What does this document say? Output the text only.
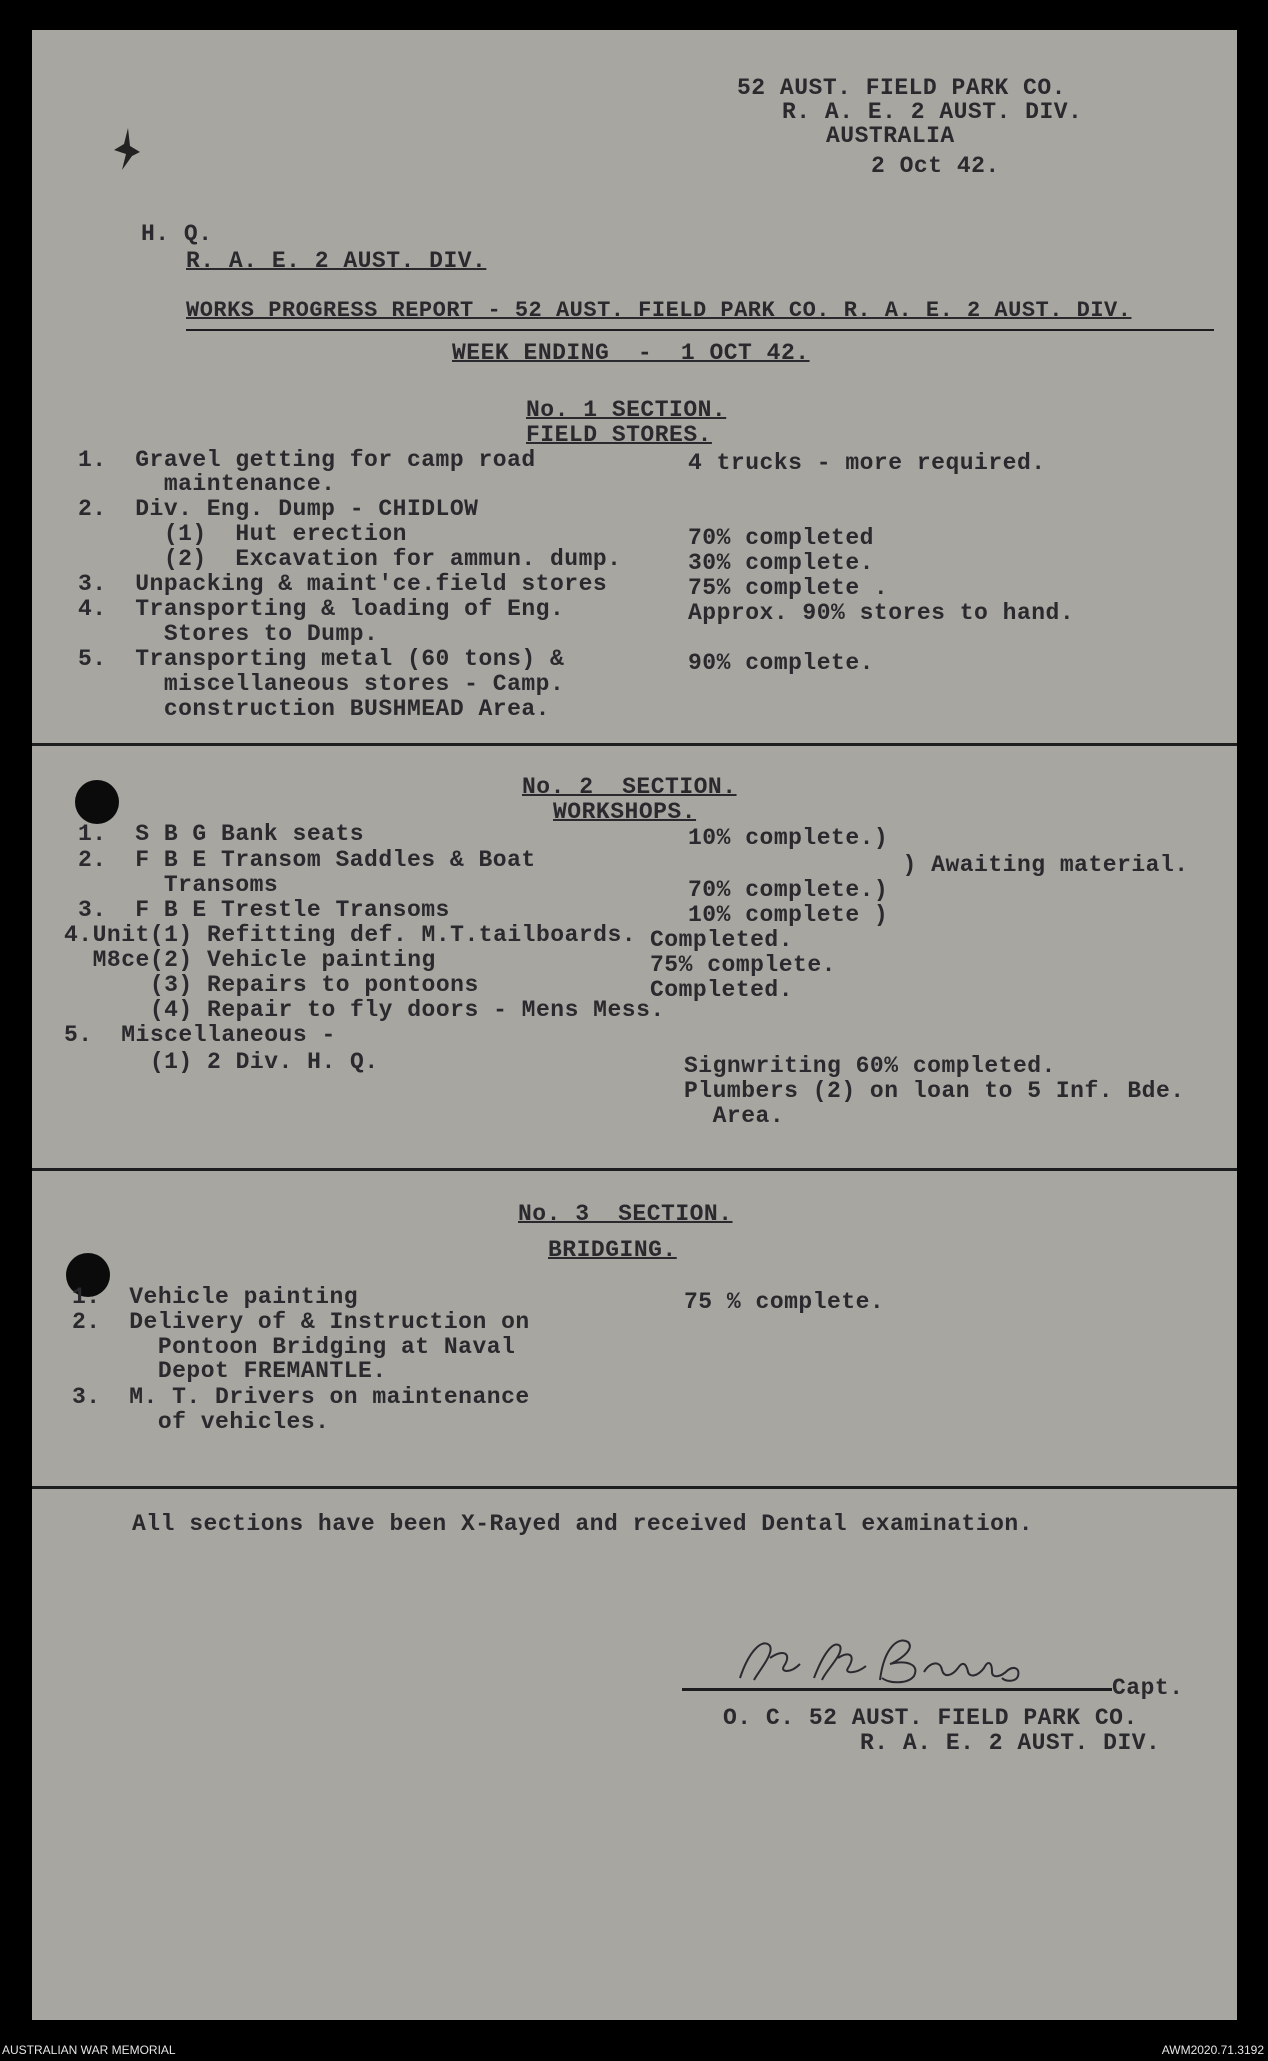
52 AUST. FIELD PARK CO.
R. A. E. 2 AUST. DIV.
AUSTRALIA
2 Oct 42.
H. Q.
R. A. E. 2 AUST. DIV.
WORKS PROGRESS REPORT - 52 AUST. FIELD PARK CO. R. A. E. 2 AUST. DIV.
WEEK ENDING  -  1 OCT 42.
No. 1 SECTION.
FIELD STORES.
1.  Gravel getting for camp road	4 trucks - more required.
maintenance.
2.  Div. Eng. Dump - CHIDLOW
(1)  Hut erection	70% completed
(2)  Excavation for ammun. dump.	30% complete.
3.  Unpacking & maint'ce.field stores	75% complete .
4.  Transporting & loading of Eng.	Approx. 90% stores to hand.
Stores to Dump.
5.  Transporting metal (60 tons) &	90% complete.
miscellaneous stores - Camp.
construction BUSHMEAD Area.
No. 2  SECTION.
WORKSHOPS.
1.  S B G Bank seats	10% complete.)
2.  F B E Transom Saddles & Boat	) Awaiting material.
Transoms	70% complete.)
3.  F B E Trestle Transoms	10% complete )
4.Unit(1) Refitting def. M.T.tailboards. Completed.
M8ce(2) Vehicle painting	75% complete.
(3) Repairs to pontoons	Completed.
(4) Repair to fly doors - Mens Mess.
5.  Miscellaneous -
(1) 2 Div. H. Q.	Signwriting 60% completed.
Plumbers (2) on loan to 5 Inf. Bde.
Area.
No. 3  SECTION.
BRIDGING.
1.  Vehicle painting	75 % complete.
2.  Delivery of & Instruction on
Pontoon Bridging at Naval
Depot FREMANTLE.
3.  M. T. Drivers on maintenance
of vehicles.
All sections have been X-Rayed and received Dental examination.
Capt.
O. C. 52 AUST. FIELD PARK CO.
R. A. E. 2 AUST. DIV.
AUSTRALIAN WAR MEMORIAL	AWM2020.71.3192
